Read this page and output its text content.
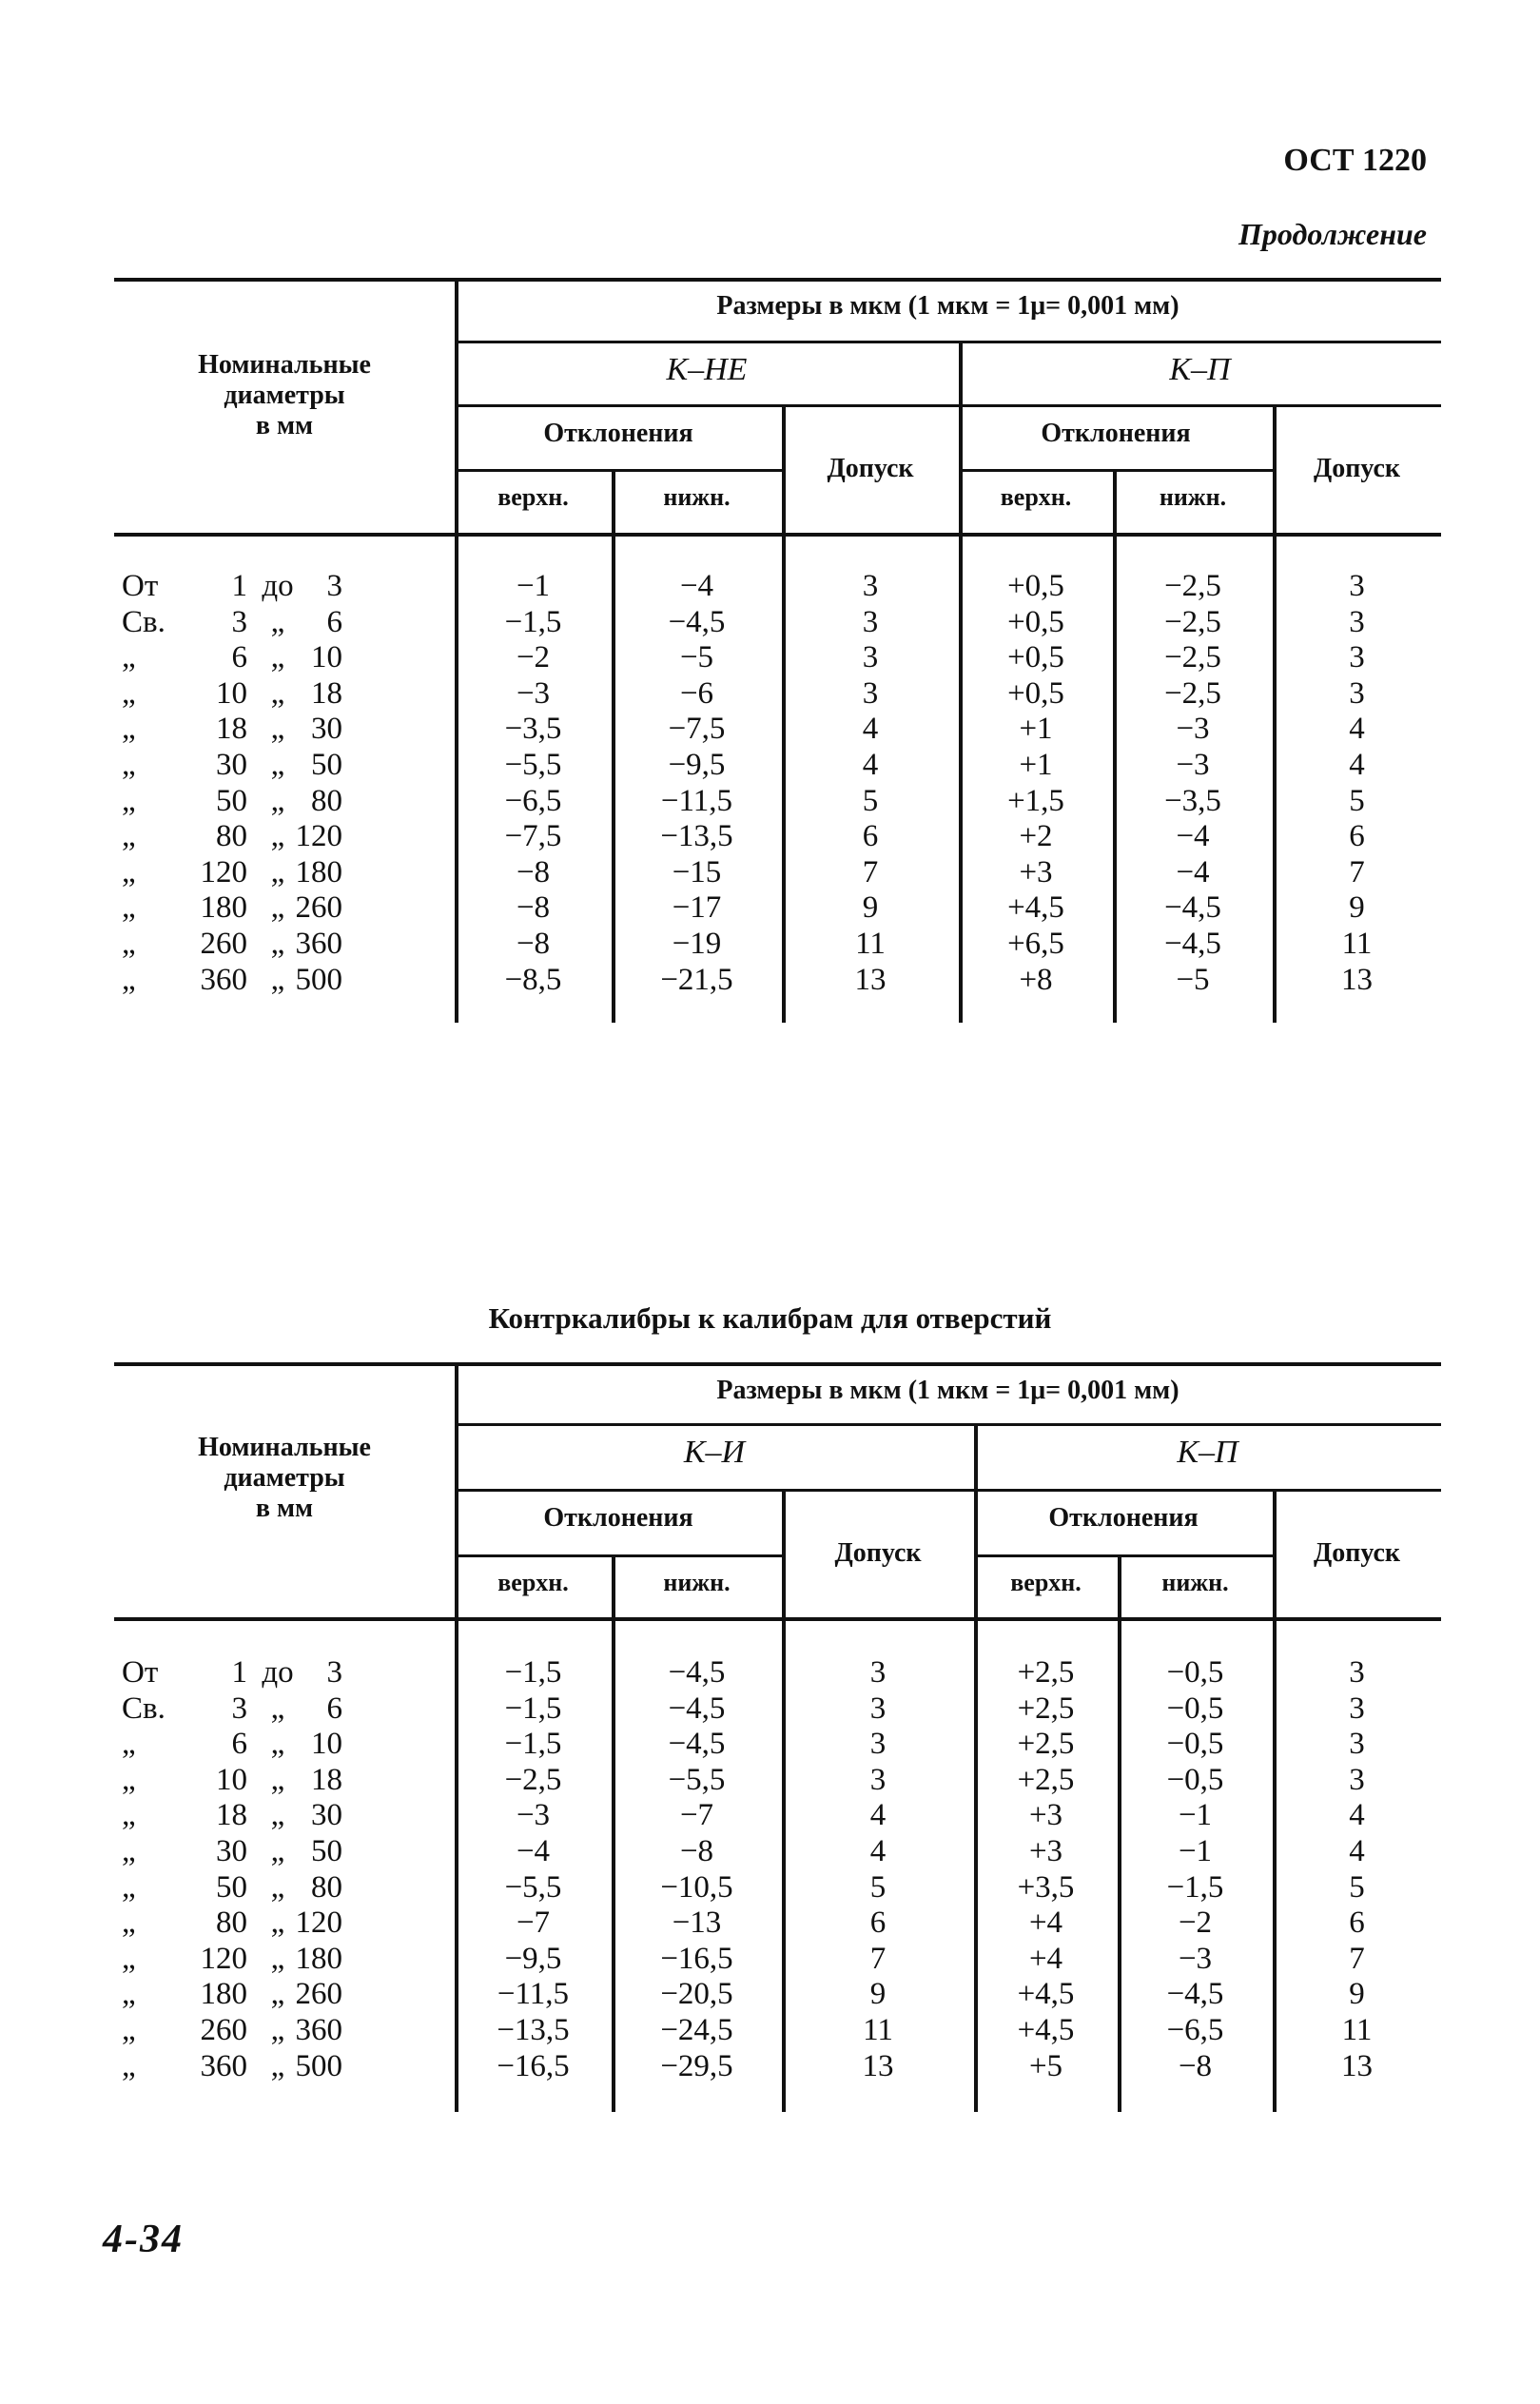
ОСТ 1220
Продолжение
Номинальные
диаметры
в мм
Размеры в мкм (1 мкм = 1μ= 0,001 мм)
К–НЕ	К–П
Отклонения	Отклонения
Допуск	Допуск
верхн.	нижн.	верхн.	нижн.
От	1 до	3	−1	−4	3	+0,5	−2,5	3
Св.	3 „	6	−1,5	−4,5	3	+0,5	−2,5	3
„	6 „ 10	−2	−5	3	+0,5	−2,5	3
„	10 „ 18	−3	−6	3	+0,5	−2,5	3
„	18 „ 30	−3,5	−7,5	4	+1	−3	4
„	30 „ 50	−5,5	−9,5	4	+1	−3	4
„	50 „ 80	−6,5	−11,5	5	+1,5	−3,5	5
„	80 „ 120	−7,5	−13,5	6	+2	−4	6
„	120 „ 180	−8	−15	7	+3	−4	7
„	180 „ 260	−8	−17	9	+4,5	−4,5	9
„	260 „ 360	−8	−19	11	+6,5	−4,5	11
„	360 „ 500	−8,5	−21,5	13	+8	−5	13
Контркалибры к калибрам для отверстий
Номинальные
диаметры
в мм
Размеры в мкм (1 мкм = 1μ= 0,001 мм)
К–И	К–П
Отклонения	Отклонения
Допуск	Допуск
верхн.	нижн.	верхн.	нижн.
От	1 до	3	−1,5	−4,5	3	+2,5	−0,5	3
Св.	3 „	6	−1,5	−4,5	3	+2,5	−0,5	3
„	6 „ 10	−1,5	−4,5	3	+2,5	−0,5	3
„	10 „ 18	−2,5	−5,5	3	+2,5	−0,5	3
„	18 „ 30	−3	−7	4	+3	−1	4
„	30 „ 50	−4	−8	4	+3	−1	4
„	50 „ 80	−5,5	−10,5	5	+3,5	−1,5	5
„	80 „ 120	−7	−13	6	+4	−2	6
„	120 „ 180	−9,5	−16,5	7	+4	−3	7
„	180 „ 260	−11,5	−20,5	9	+4,5	−4,5	9
„	260 „ 360	−13,5	−24,5	11	+4,5	−6,5	11
„	360 „ 500	−16,5	−29,5	13	+5	−8	13
4-34
